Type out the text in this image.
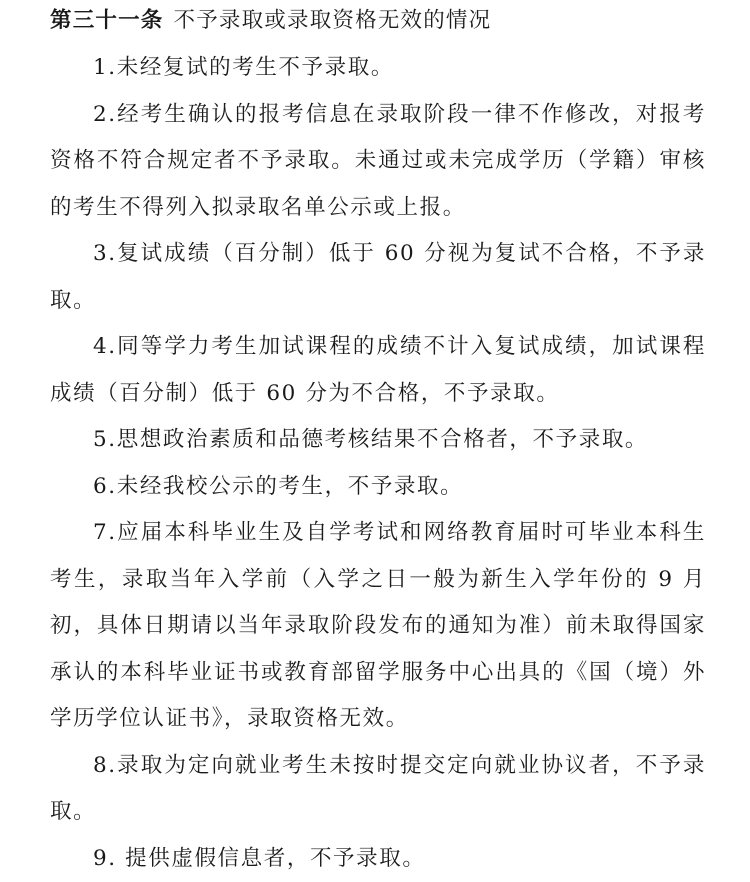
第三十一条 不予录取或录取资格无效的情况

1.未经复试的考生不予录取。

2.经考生确认的报考信息在录取阶段一律不作修改，对报考资格不符合规定者不予录取。未通过或未完成学历（学籍）审核的考生不得列入拟录取名单公示或上报。

3.复试成绩（百分制）低于 60 分视为复试不合格，不予录取。

4.同等学力考生加试课程的成绩不计入复试成绩，加试课程成绩（百分制）低于 60 分为不合格，不予录取。

5.思想政治素质和品德考核结果不合格者，不予录取。

6.未经我校公示的考生，不予录取。

7.应届本科毕业生及自学考试和网络教育届时可毕业本科生考生，录取当年入学前（入学之日一般为新生入学年份的 9 月初，具体日期请以当年录取阶段发布的通知为准）前未取得国家承认的本科毕业证书或教育部留学服务中心出具的《国（境）外学历学位认证书》，录取资格无效。

8.录取为定向就业考生未按时提交定向就业协议者，不予录取。

9. 提供虚假信息者，不予录取。
